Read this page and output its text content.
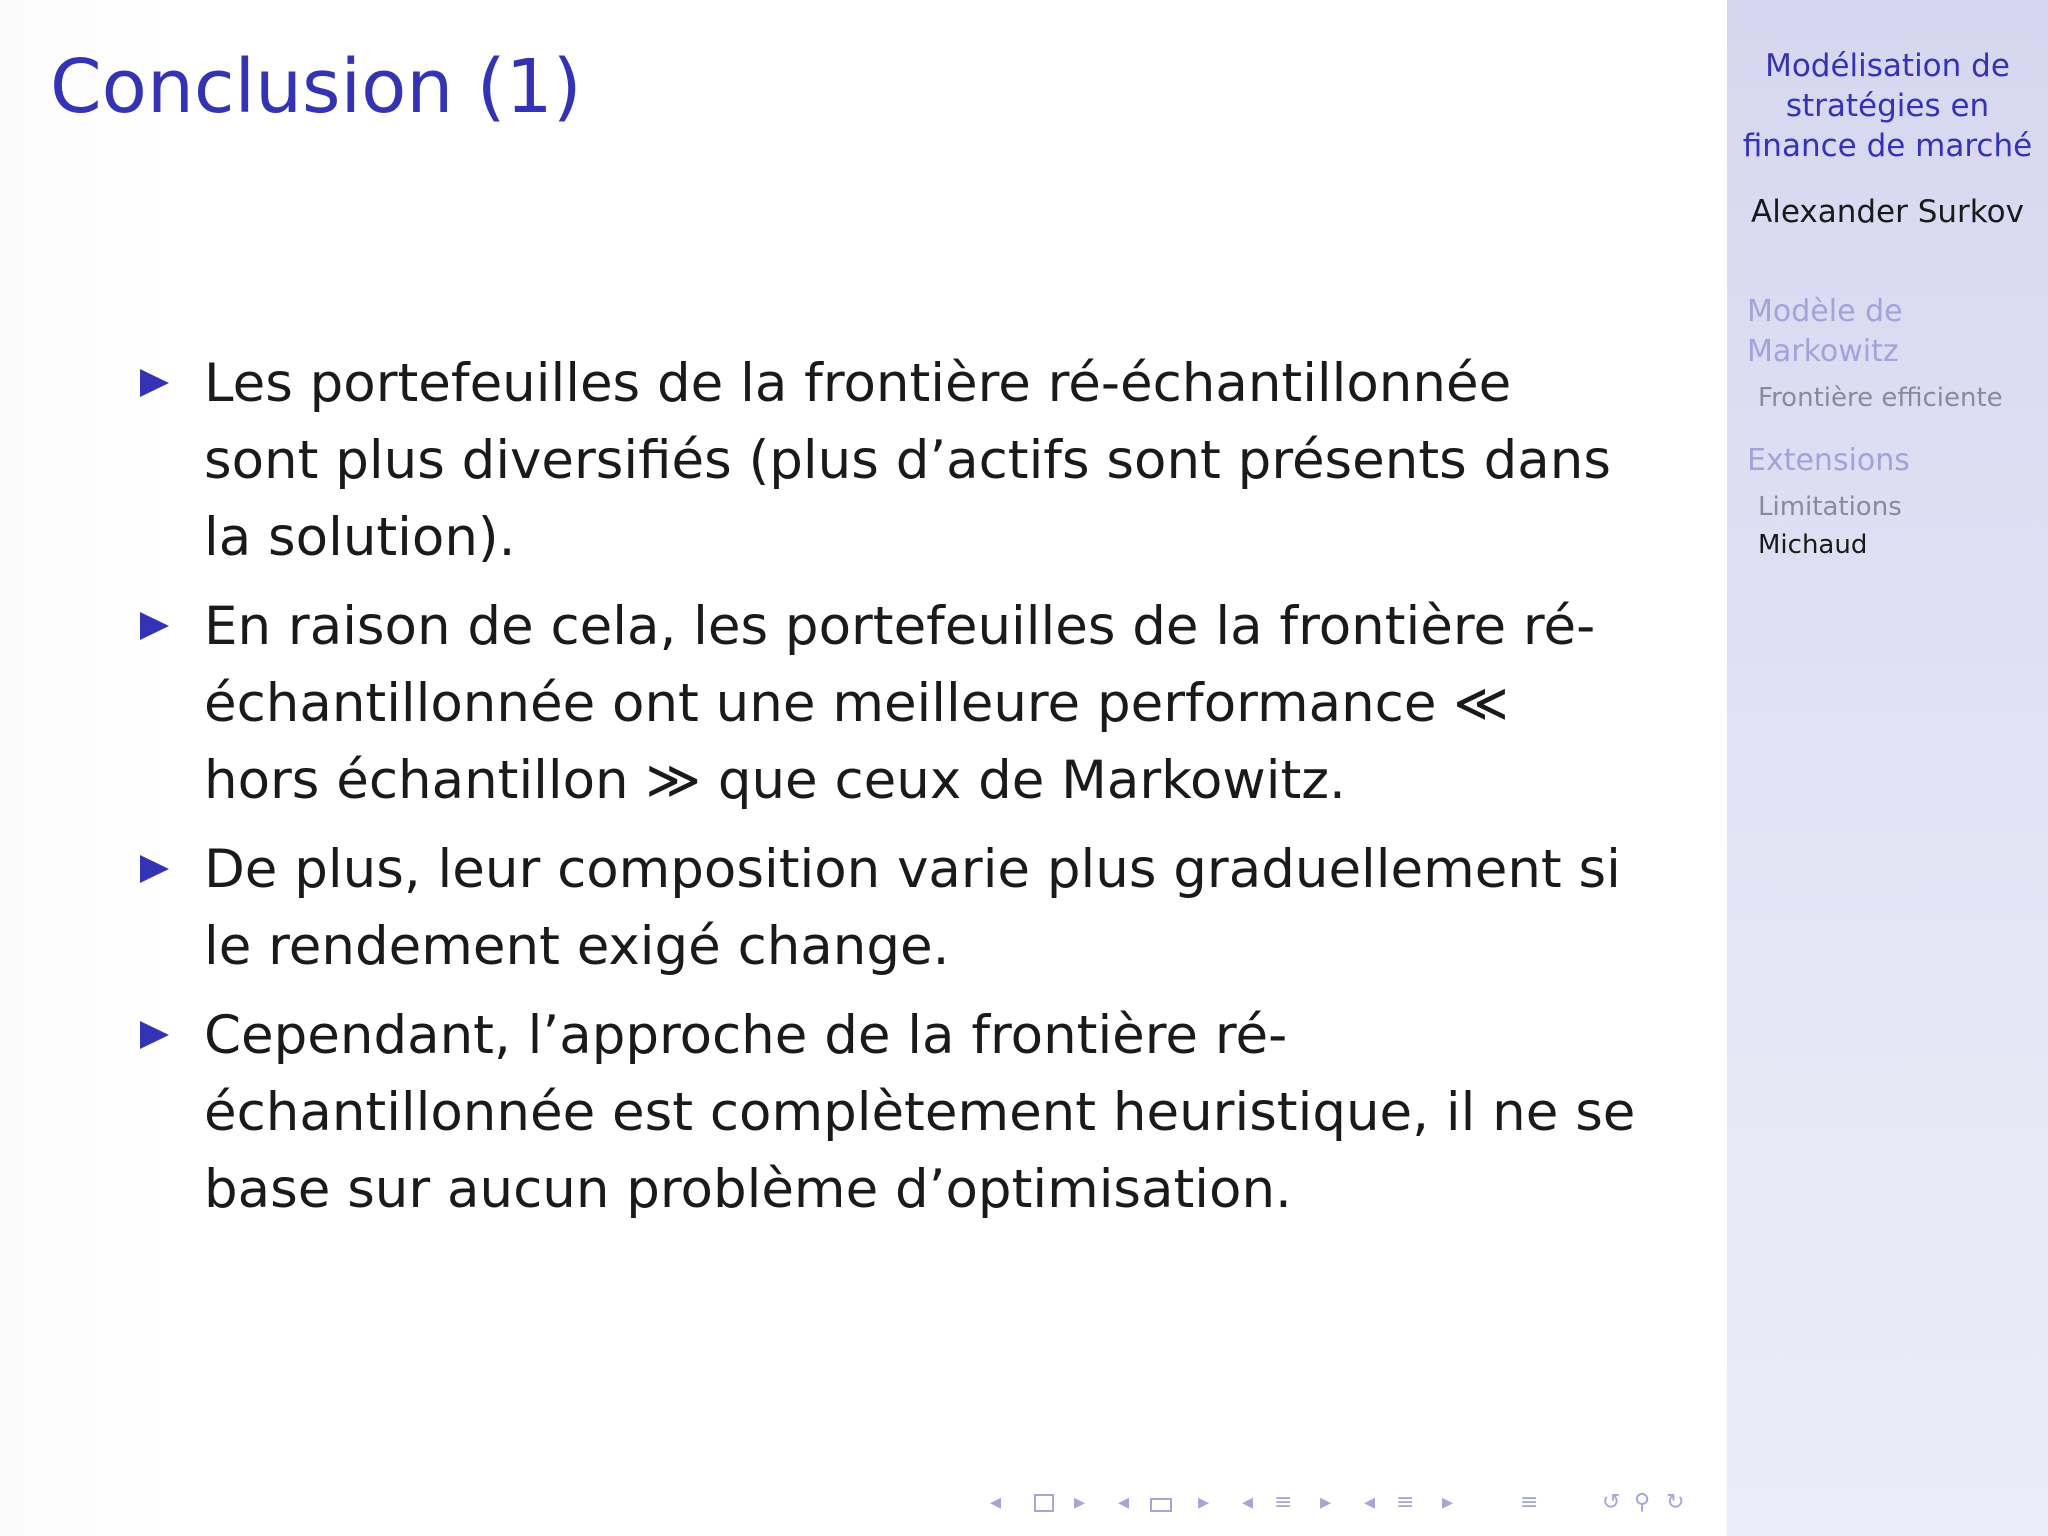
Conclusion (1)
Les portefeuilles de la frontière ré-échantillonnée sont plus diversifiés (plus d’actifs sont présents dans la solution).
En raison de cela, les portefeuilles de la frontière ré-échantillonnée ont une meilleure performance ≪ hors échantillon ≫ que ceux de Markowitz.
De plus, leur composition varie plus graduellement si le rendement exigé change.
Cependant, l’approche de la frontière ré-échantillonnée est complètement heuristique, il ne se base sur aucun problème d’optimisation.
◂	▸ ◂	▸ ◂ ≡ ▸ ◂ ≡ ▸	≡	↺ ⚲ ↻
Modélisation de
stratégies en
finance de marché
Alexander Surkov
Modèle de
Markowitz
Frontière efficiente
Extensions
Limitations
Michaud
